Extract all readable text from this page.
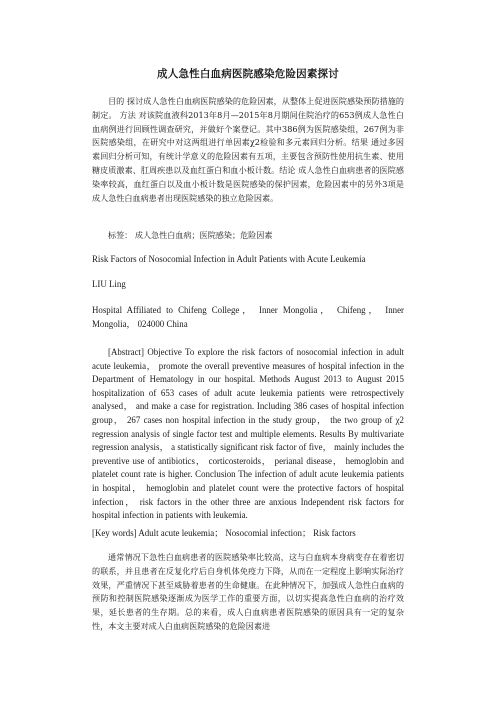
成人急性白血病医院感染危险因素探讨

目的 探讨成人急性白血病医院感染的危险因素，从整体上促进医院感染预防措施的制定。 方法 对该院血液科2013年8月—2015年8月期间住院治疗的653例成人急性白血病例进行回顾性调查研究，并做好个案登记。其中386例为医院感染组，267例为非医院感染组，在研究中对这两组进行单因素χ2检验和多元素回归分析。结果 通过多因素回归分析可知，有统计学意义的危险因素有五项，主要包含预防性使用抗生素、使用糖皮质激素、肛周疾患以及血红蛋白和血小板计数。结论 成人急性白血病患者的医院感染率较高，血红蛋白以及血小板计数是医院感染的保护因素，危险因素中的另外3项是成人急性白血病患者出现医院感染的独立危险因素。

标签： 成人急性白血病；医院感染；危险因素

Risk Factors of Nosocomial Infection in Adult Patients with Acute Leukemia

LIU Ling

Hospital Affiliated to Chifeng College， Inner Mongolia， Chifeng， Inner Mongolia， 024000 China

[Abstract] Objective To explore the risk factors of nosocomial infection in adult acute leukemia， promote the overall preventive measures of hospital infection in the Department of Hematology in our hospital. Methods August 2013 to August 2015 hospitalization of 653 cases of adult acute leukemia patients were retrospectively analysed， and make a case for registration. Including 386 cases of hospital infection group， 267 cases non hospital infection in the study group， the two group of χ2 regression analysis of single factor test and multiple elements. Results By multivariate regression analysis， a statistically significant risk factor of five， mainly includes the preventive use of antibiotics， corticosteroids， perianal disease， hemoglobin and platelet count rate is higher. Conclusion The infection of adult acute leukemia patients in hospital， hemoglobin and platelet count were the protective factors of hospital infection， risk factors in the other three are anxious Independent risk factors for hospital infection in patients with leukemia.

[Key words] Adult acute leukemia； Nosocomial infection； Risk factors

通常情况下急性白血病患者的医院感染率比较高，这与白血病本身病变存在着密切的联系，并且患者在反复化疗后自身机体免疫力下降，从而在一定程度上影响实际治疗效果，严重情况下甚至威胁着患者的生命健康。在此种情况下，加强成人急性白血病的预防和控制医院感染逐渐成为医学工作的重要方面，以切实提高急性白血病的治疗效果，延长患者的生存期。总的来看，成人白血病患者医院感染的原因具有一定的复杂性，本文主要对成人白血病医院感染的危险因素进
